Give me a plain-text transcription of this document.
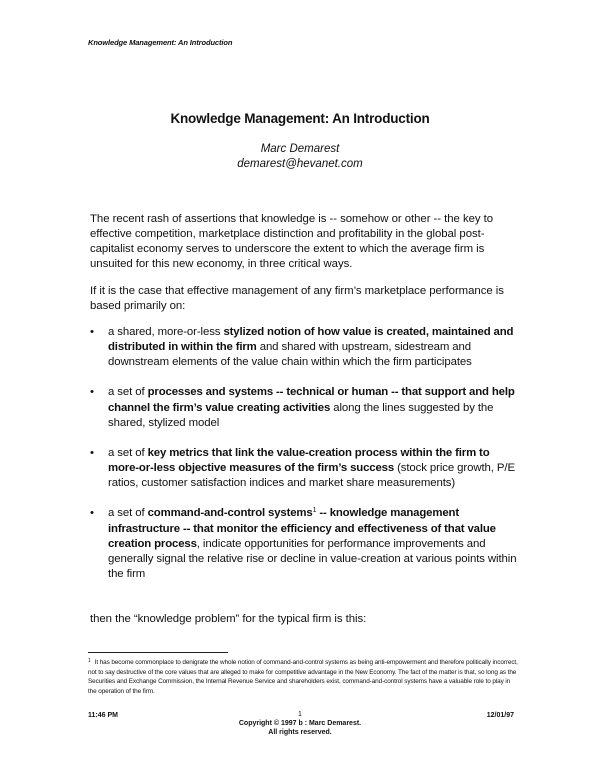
Knowledge Management: An Introduction
Knowledge Management: An Introduction
Marc Demarest
demarest@hevanet.com

The recent rash of assertions that knowledge is -- somehow or other -- the key to effective competition, marketplace distinction and profitability in the global post-capitalist economy serves to underscore the extent to which the average firm is unsuited for this new economy, in three critical ways.

If it is the case that effective management of any firm’s marketplace performance is based primarily on:

• a shared, more-or-less stylized notion of how value is created, maintained and distributed in within the firm and shared with upstream, sidestream and downstream elements of the value chain within which the firm participates
• a set of processes and systems -- technical or human -- that support and help channel the firm’s value creating activities along the lines suggested by the shared, stylized model
• a set of key metrics that link the value-creation process within the firm to more-or-less objective measures of the firm’s success (stock price growth, P/E ratios, customer satisfaction indices and market share measurements)
• a set of command-and-control systems$^1$ -- knowledge management infrastructure -- that monitor the efficiency and effectiveness of that value creation process, indicate opportunities for performance improvements and generally signal the relative rise or decline in value-creation at various points within the firm

then the “knowledge problem” for the typical firm is this:

$^1$ It has become commonplace to denigrate the whole notion of command-and-control systems as being anti-empowerment and therefore politically incorrect, not to say destructive of the core values that are alleged to make for competitive advantage in the New Economy. The fact of the matter is that, so long as the Securities and Exchange Commission, the Internal Revenue Service and shareholders exist, command-and-control systems have a valuable role to play in the operation of the firm.
11:46 PM	1
Copyright © 1997 b : Marc Demarest.
All rights reserved.
12/01/97
